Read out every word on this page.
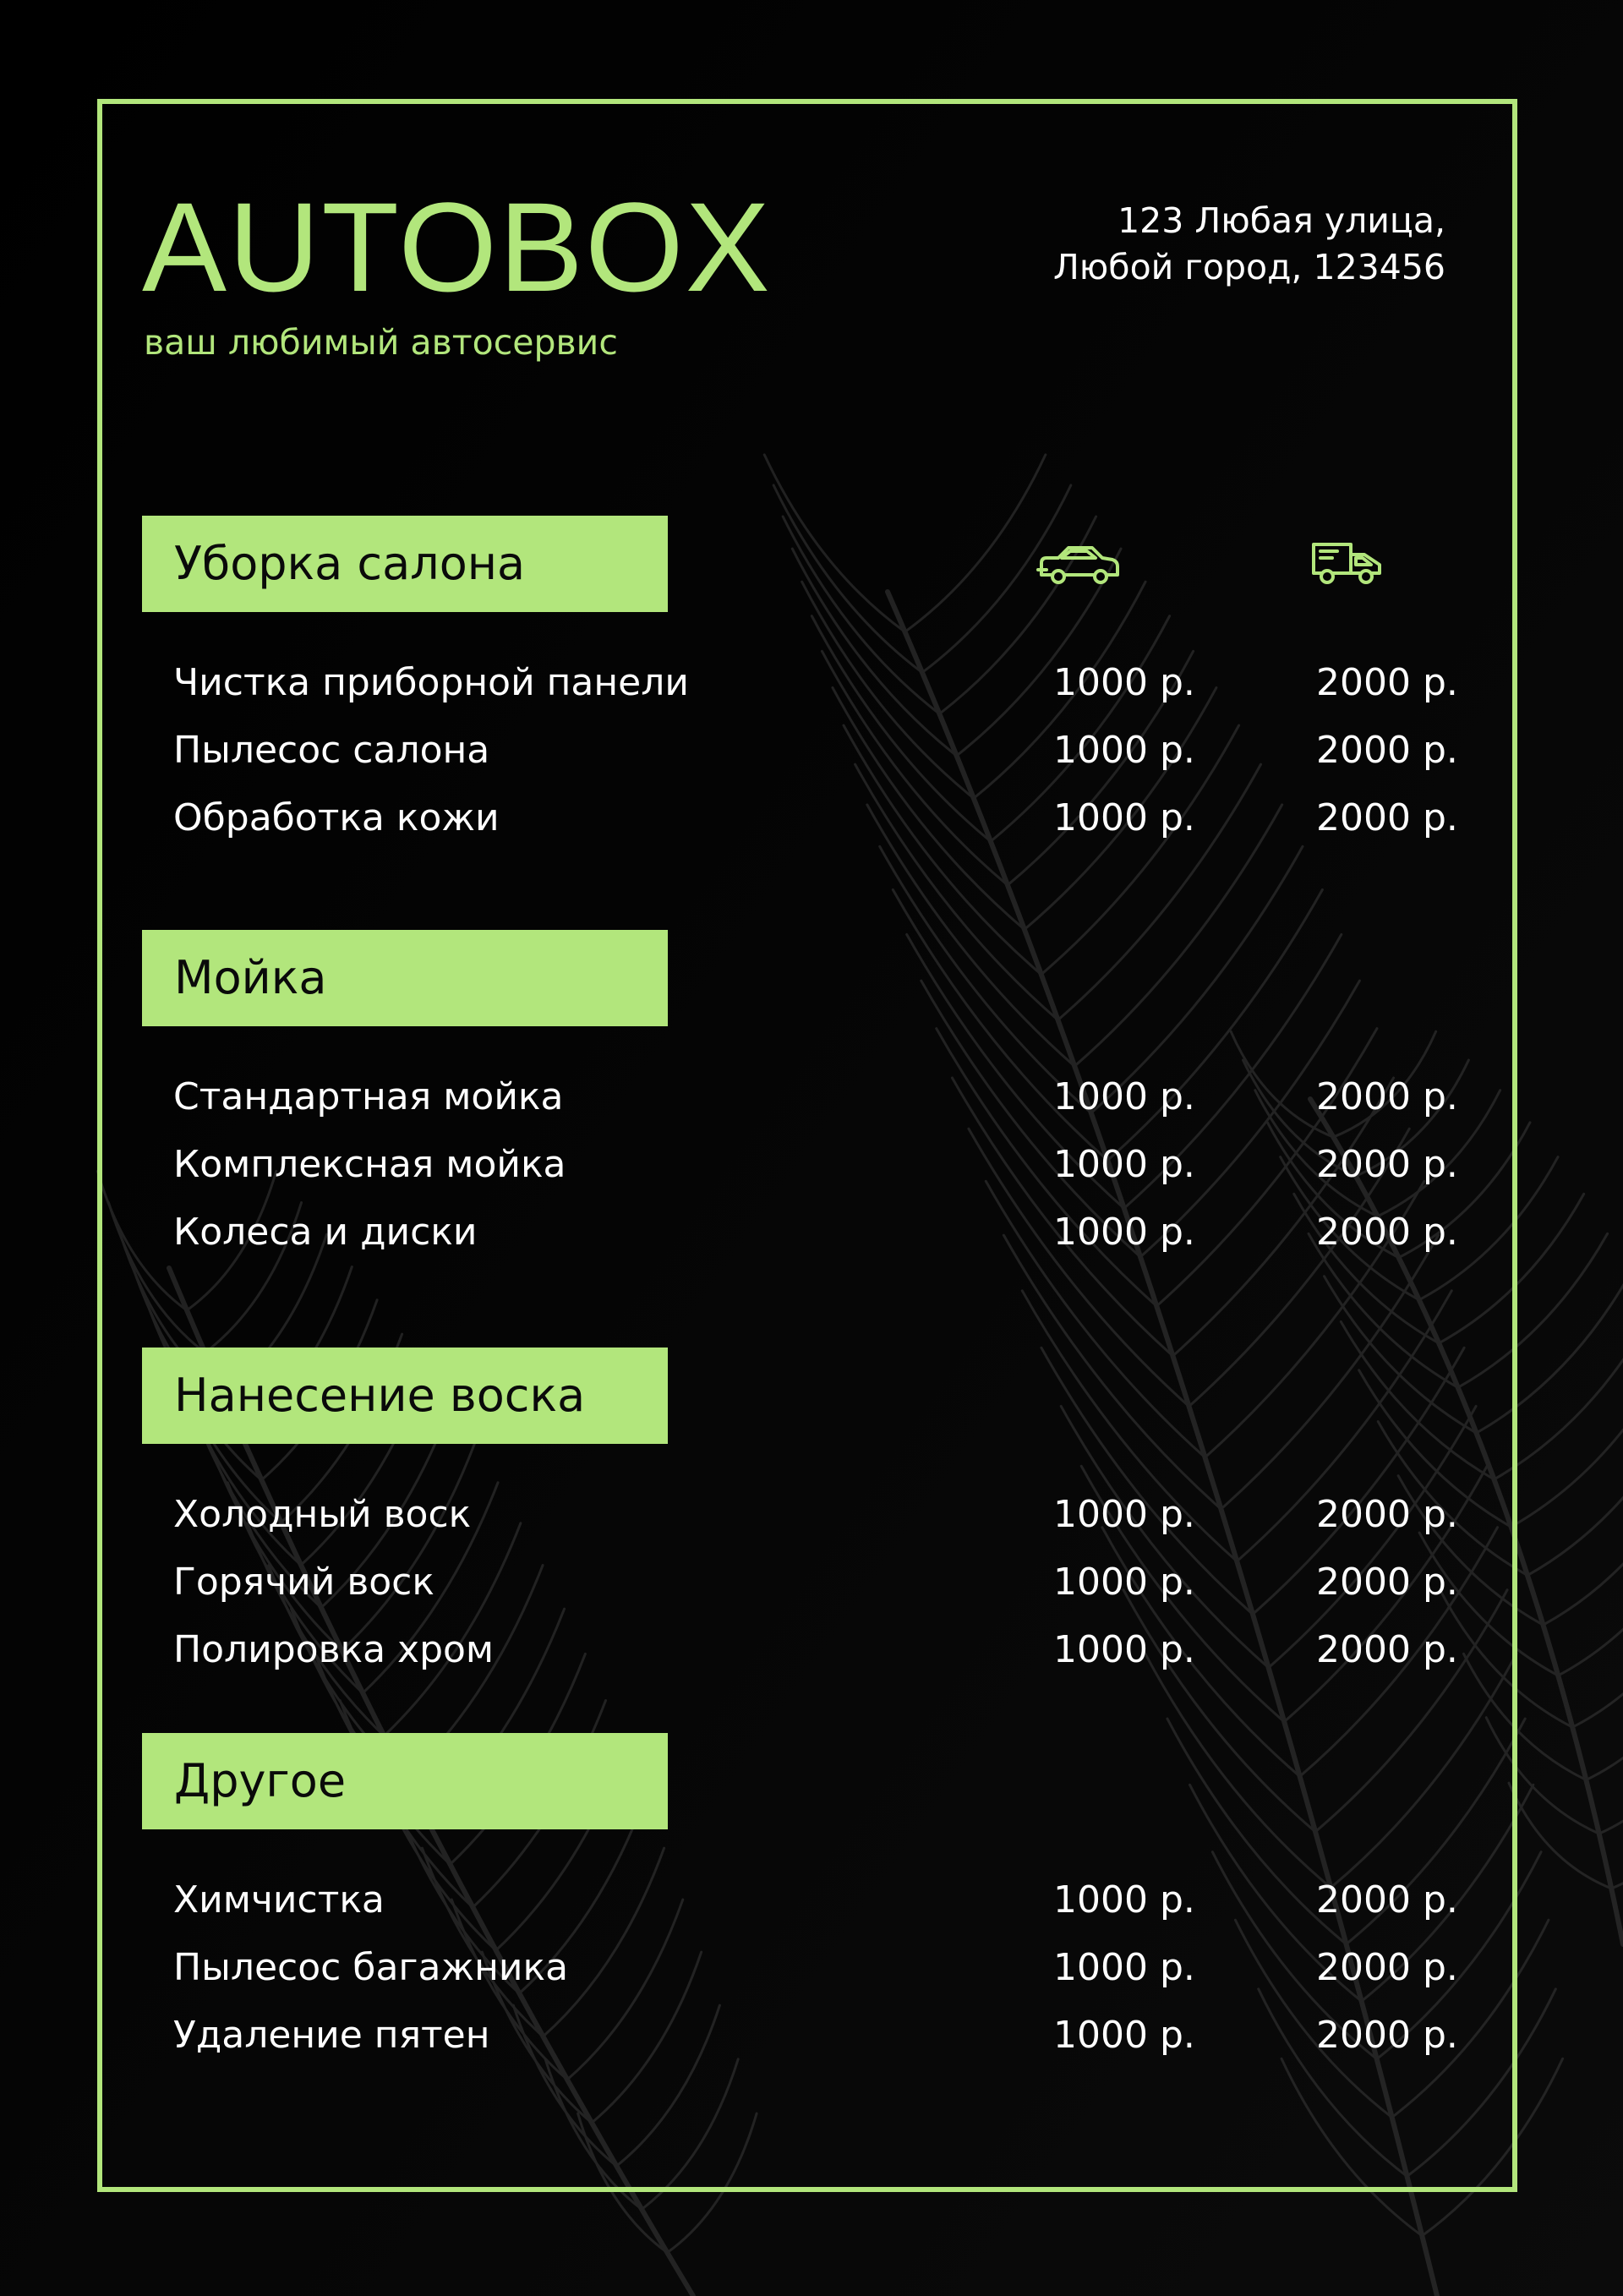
AUTOBOX
ваш любимый автосервис
123 Любая улица,
Любой город, 123456
Уборка салона
Чистка приборной панели	1000 р.	2000 р.
Пылесос салона	1000 р.	2000 р.
Обработка кожи	1000 р.	2000 р.
Мойка
Стандартная мойка	1000 р.	2000 р.
Комплексная мойка	1000 р.	2000 р.
Колеса и диски	1000 р.	2000 р.
Нанесение воска
Холодный воск	1000 р.	2000 р.
Горячий воск	1000 р.	2000 р.
Полировка хром	1000 р.	2000 р.
Другое
Химчистка	1000 р.	2000 р.
Пылесос багажника	1000 р.	2000 р.
Удаление пятен	1000 р.	2000 р.
